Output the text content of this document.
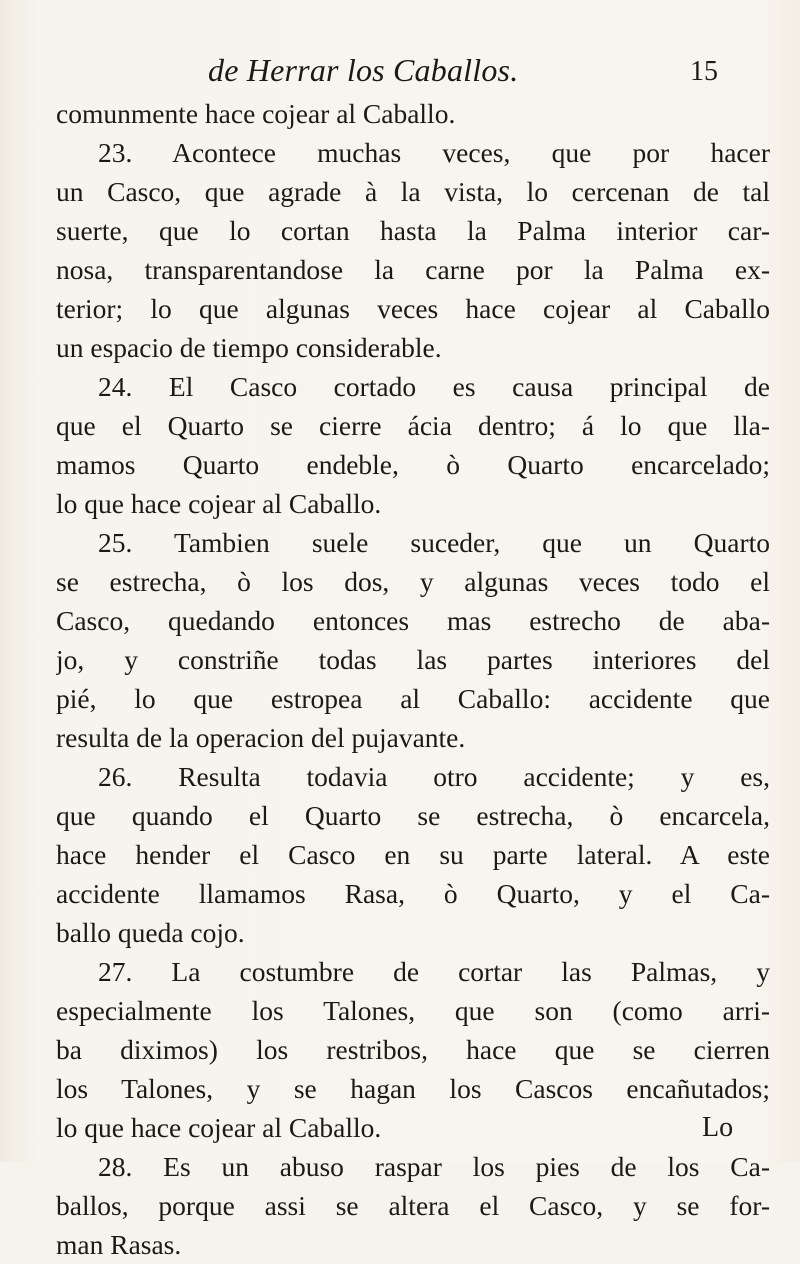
de Herrar los Caballos.	15
comunmente hace cojear al Caballo.
23. Acontece muchas veces, que por hacer
un Casco, que agrade à la vista, lo cercenan de tal
suerte, que lo cortan hasta la Palma interior car-
nosa, transparentandose la carne por la Palma ex-
terior; lo que algunas veces hace cojear al Caballo
un espacio de tiempo considerable.
24. El Casco cortado es causa principal de
que el Quarto se cierre ácia dentro; á lo que lla-
mamos Quarto endeble, ò Quarto encarcelado;
lo que hace cojear al Caballo.
25. Tambien suele suceder, que un Quarto
se estrecha, ò los dos, y algunas veces todo el
Casco, quedando entonces mas estrecho de aba-
jo, y constriñe todas las partes interiores del
pié, lo que estropea al Caballo: accidente que
resulta de la operacion del pujavante.
26. Resulta todavia otro accidente; y es,
que quando el Quarto se estrecha, ò encarcela,
hace hender el Casco en su parte lateral. A este
accidente llamamos Rasa, ò Quarto, y el Ca-
ballo queda cojo.
27. La costumbre de cortar las Palmas, y
especialmente los Talones, que son (como arri-
ba diximos) los restribos, hace que se cierren
los Talones, y se hagan los Cascos encañutados;
lo que hace cojear al Caballo.
28. Es un abuso raspar los pies de los Ca-
ballos, porque assi se altera el Casco, y se for-
man Rasas.
Lo
